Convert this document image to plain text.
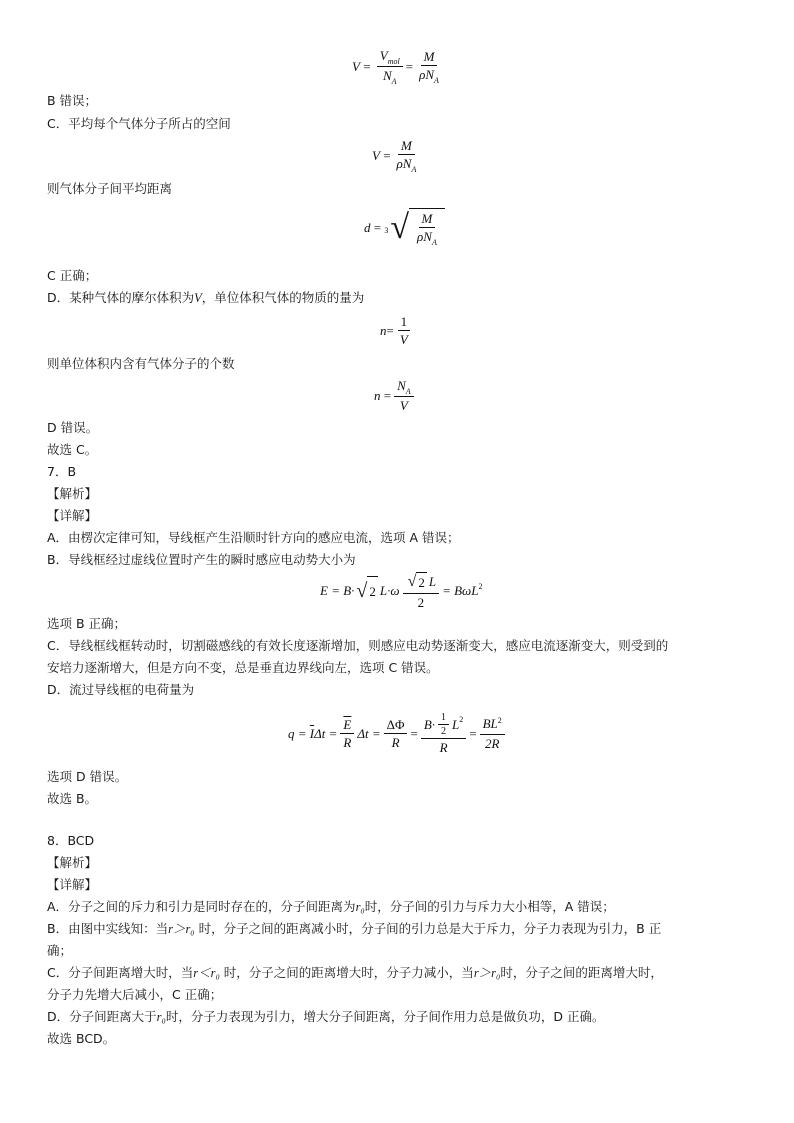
$V = \frac{V_{mol}}{N_A} = \frac{M}{\rho N_A}$
B 错误；
C．平均每个气体分子所占的空间
$V = \frac{M}{\rho N_A}$
则气体分子间平均距离
d = 3 √ $\frac{M}{\rho N_A}$
C 正确；
D．某种气体的摩尔体积为V，单位体积气体的物质的量为
$n = \frac{1}{V}$
则单位体积内含有气体分子的个数
$n = \frac{N_A}{V}$
D 错误。
故选 C。
7．B
【解析】
【详解】
A．由楞次定律可知，导线框产生沿顺时针方向的感应电流，选项 A 错误；
B．导线框经过虚线位置时产生的瞬时感应电动势大小为
E = B· √ 2 $L\cdot\omega \frac{√ 2 L}{2} = B\omega L$ 2
选项 B 正确；
C．导线框线框转动时，切割磁感线的有效长度逐渐增加，则感应电动势逐渐变大，感应电流逐渐变大，则受到的
安培力逐渐增大，但是方向不变，总是垂直边界线向左，选项 C 错误。
D．流过导线框的电荷量为
q =
$\overline{I}$ $\Delta t = \frac{\overline{E}}{R}$ $\Delta t = \frac{\Delta\Phi}{R} = \frac{B\cdot \frac{1}{2} L 2}{R} = \frac{BL^2}{2R}$
选项 D 错误。
故选 B。
8．BCD
【解析】
【详解】
A．分子之间的斥力和引力是同时存在的，分子间距离为r₀时，分子间的引力与斥力大小相等，A 错误；
B．由图中实线知：当r＞r₀ 时，分子之间的距离减小时，分子间的引力总是大于斥力，分子力表现为引力，B 正
确；
C．分子间距离增大时，当r＜r₀ 时，分子之间的距离增大时，分子力减小，当r＞r₀时，分子之间的距离增大时，
分子力先增大后减小，C 正确；
D．分子间距离大于r₀时，分子力表现为引力，增大分子间距离，分子间作用力总是做负功，D 正确。
故选 BCD。
